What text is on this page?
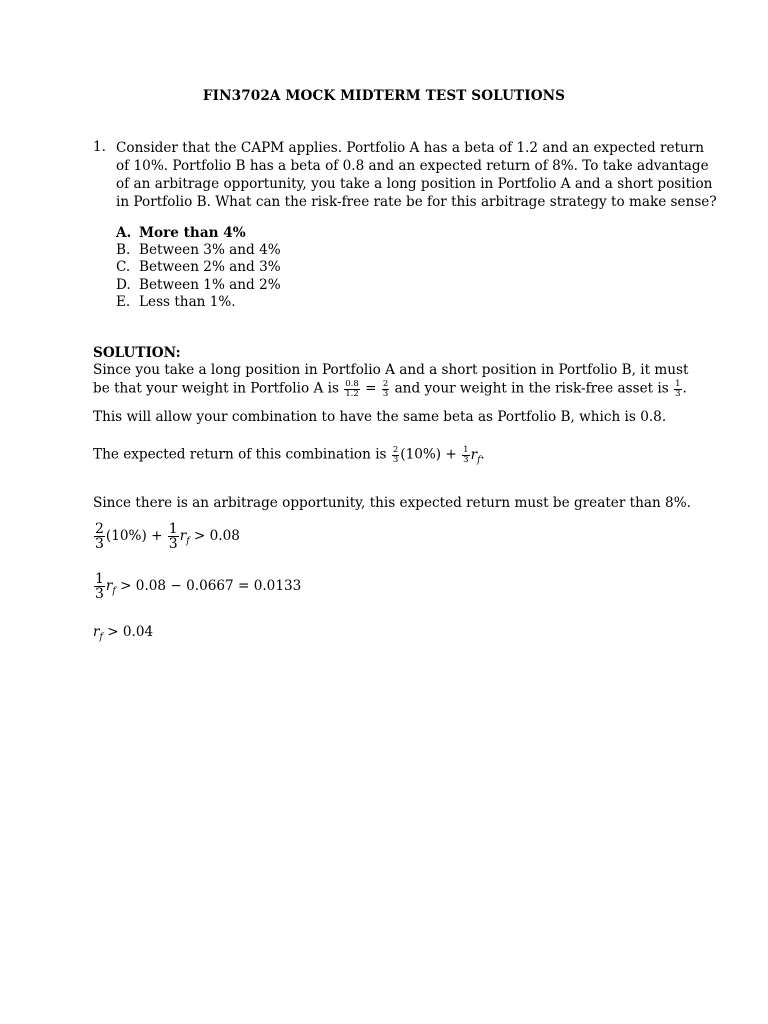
FIN3702A MOCK MIDTERM TEST SOLUTIONS
1. Consider that the CAPM applies. Portfolio A has a beta of 1.2 and an expected return
of 10%. Portfolio B has a beta of 0.8 and an expected return of 8%. To take advantage
of an arbitrage opportunity, you take a long position in Portfolio A and a short position
in Portfolio B. What can the risk-free rate be for this arbitrage strategy to make sense?
A. More than 4%
B. Between 3% and 4%
C. Between 2% and 3%
D. Between 1% and 2%
E. Less than 1%.
SOLUTION:
Since you take a long position in Portfolio A and a short position in Portfolio B, it must
be that your weight in Portfolio A is $\frac{0.8}{1.2} = \frac{2}{3}$ and your weight in the risk-free asset is $\frac{1}{3}$ .
This will allow your combination to have the same beta as Portfolio B, which is 0.8.
The expected return of this combination is $\frac{2}{3} (10\%) + \frac{1}{3} r_f$.
Since there is an arbitrage opportunity, this expected return must be greater than 8%.
$\frac{2}{3} (10\%) + \frac{1}{3} r_f > 0.08$
$\frac{1}{3} r_f > 0.08 - 0.0667 = 0.0133$
$r_f > 0.04$
